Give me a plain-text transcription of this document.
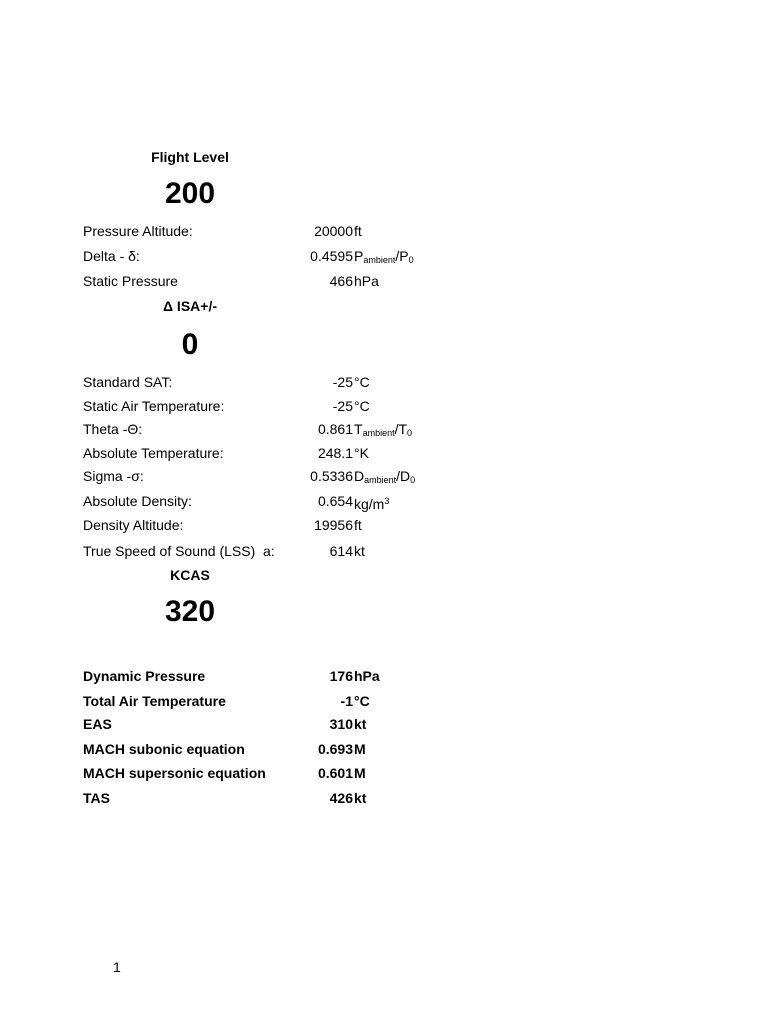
Flight Level
200
Pressure Altitude:	20000 ft
Delta - δ:	0.4595 $P_{ambient}/P_0$
Static Pressure	466 hPa
Δ ISA+/-
0
Standard SAT:	-25 °C
Static Air Temperature:	-25 °C
Theta -Θ:	0.861 $T_{ambient}/T_0$
Absolute Temperature:	248.1 °K
Sigma -σ:	0.5336 $D_{ambient}/D_0$
Absolute Density:	0.654 $kg/m^3$
Density Altitude:	19956 ft
True Speed of Sound (LSS)  a:	614 kt
KCAS
320
Dynamic Pressure	176 hPa
Total Air Temperature	-1 °C
EAS	310 kt
MACH subonic equation	0.693 M
MACH supersonic equation	0.601 M
TAS	426 kt
1
